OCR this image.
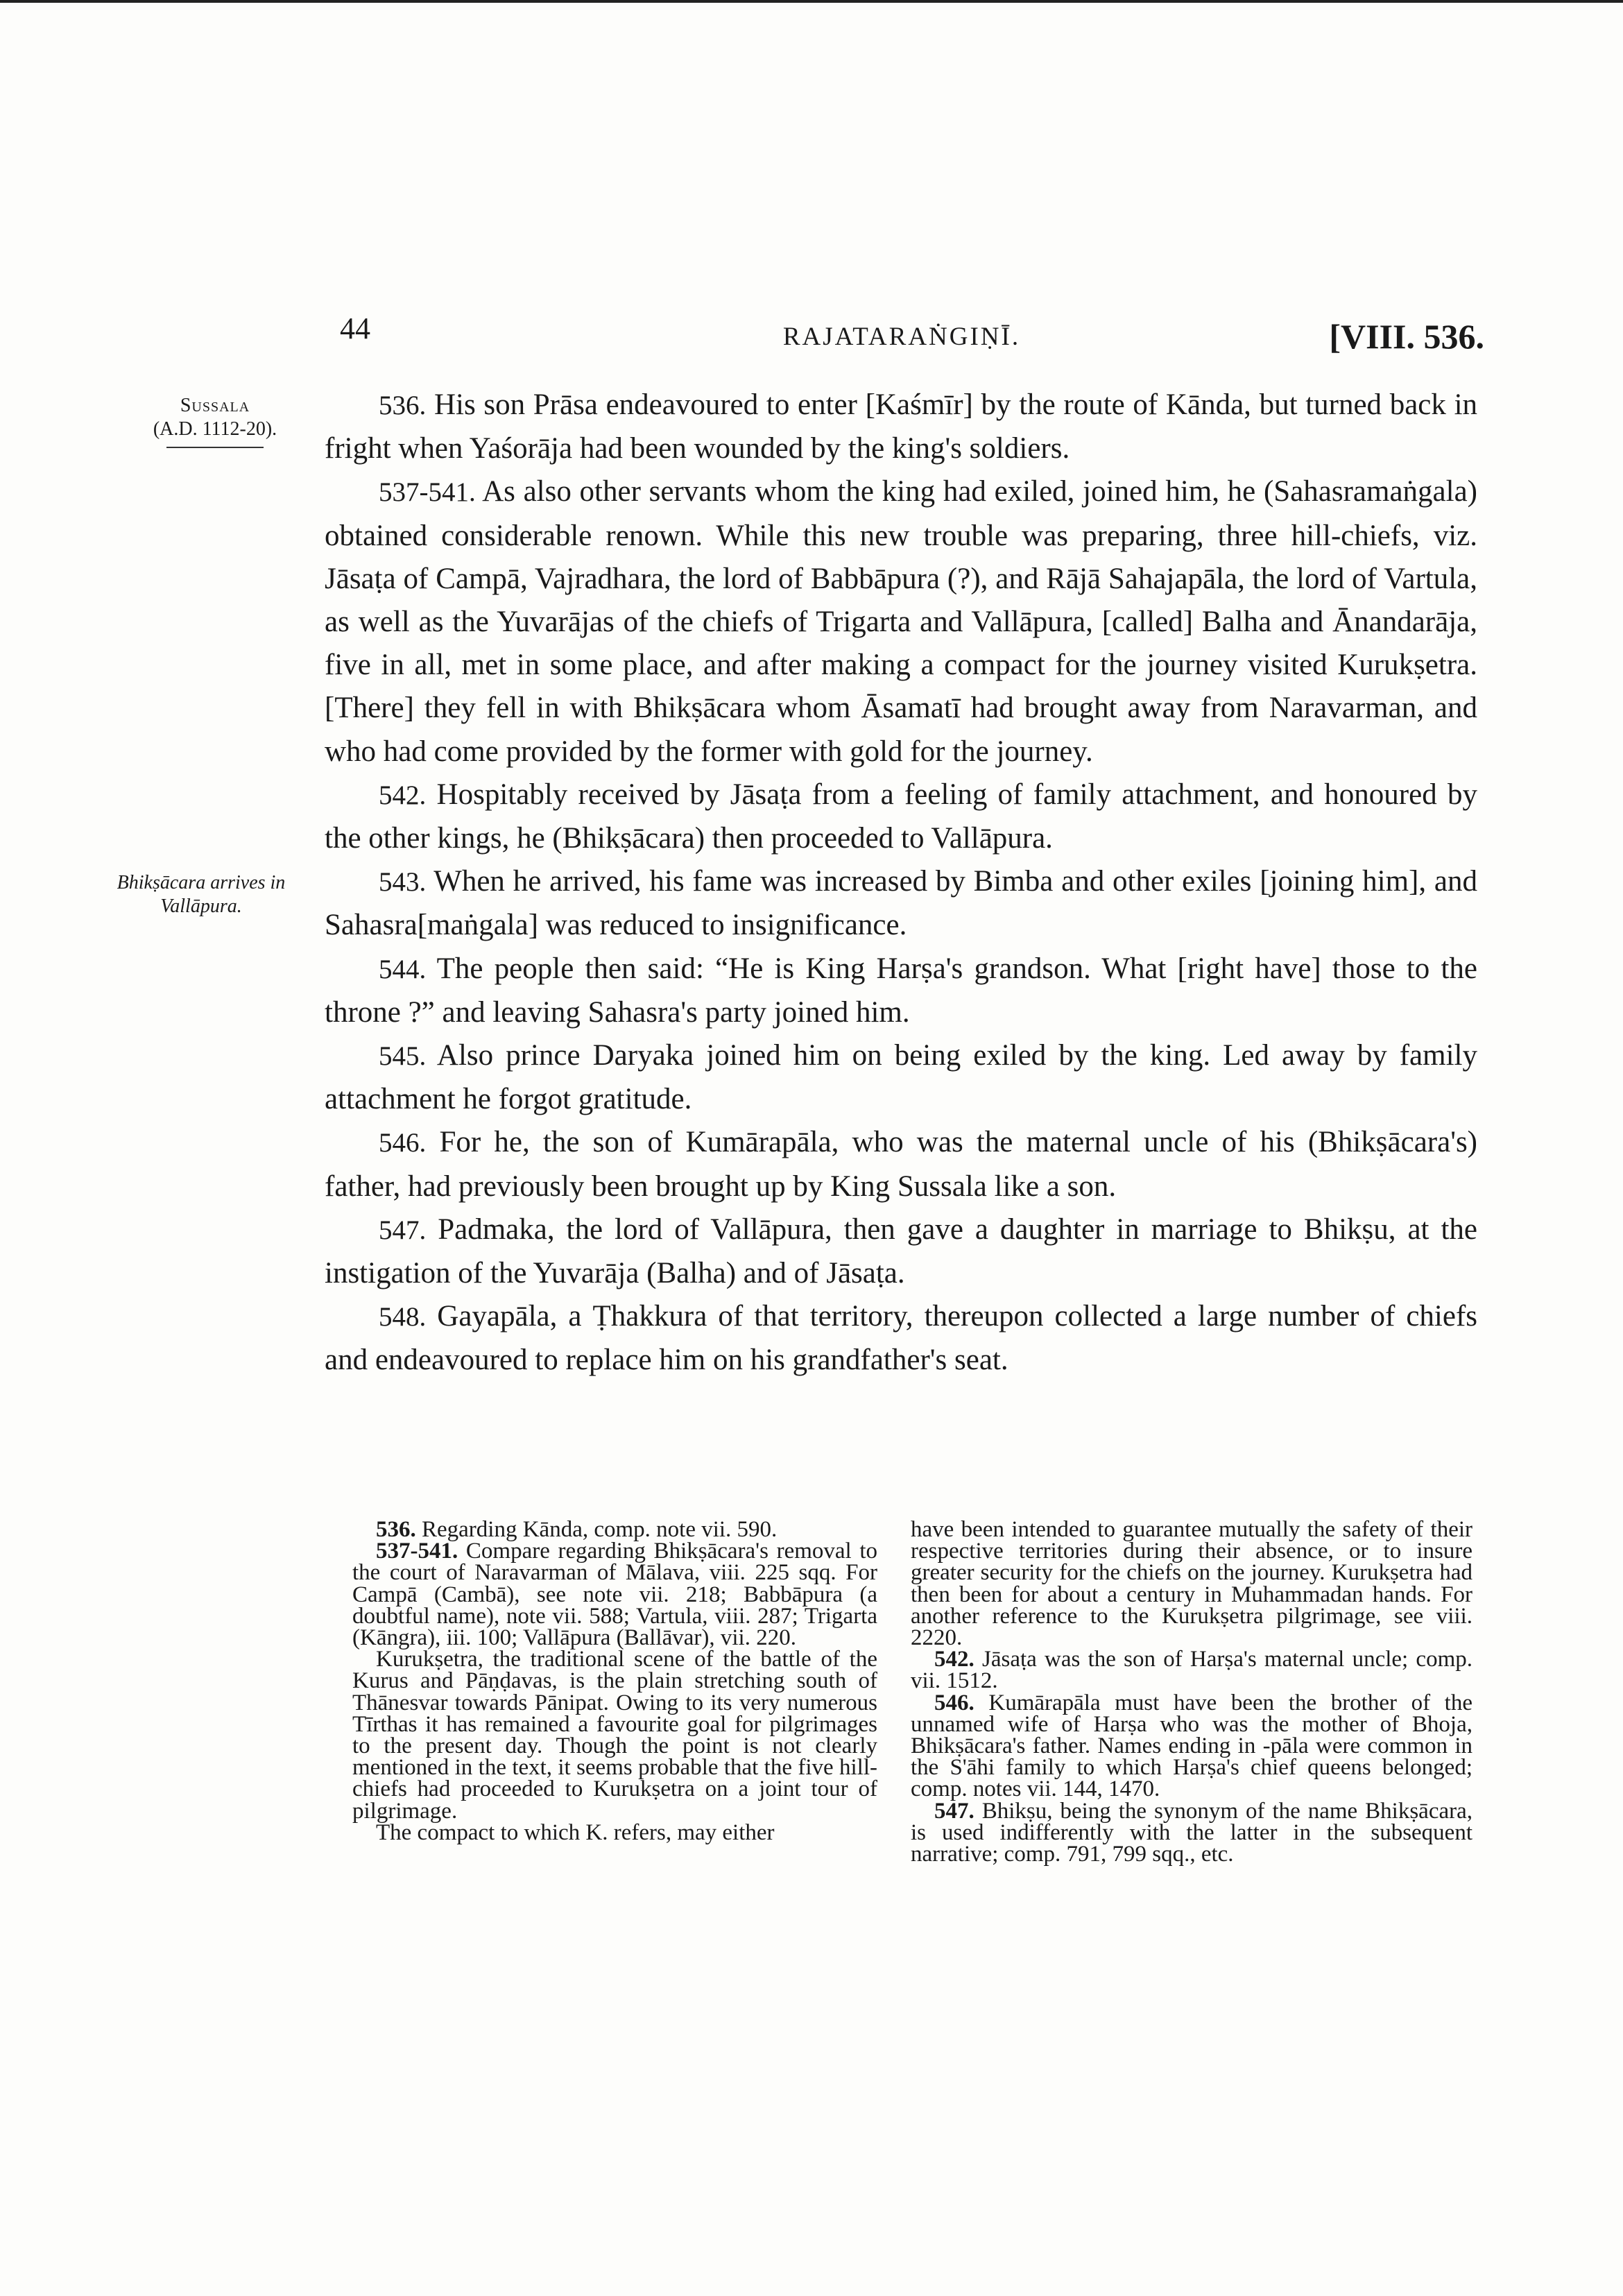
44	RAJATARAṄGIṆĪ.	[VIII. 536.
Sussala
(A.D. 1112-20).
Bhikṣācara arrives in Vallāpura.

536. His son Prāsa endeavoured to enter [Kaśmīr] by the route of Kānda, but turned back in fright when Yaśorāja had been wounded by the king's soldiers.

537-541. As also other servants whom the king had exiled, joined him, he (Sahasramaṅgala) obtained considerable renown. While this new trouble was preparing, three hill-chiefs, viz. Jāsaṭa of Campā, Vajradhara, the lord of Babbāpura (?), and Rājā Sahajapāla, the lord of Vartula, as well as the Yuvarājas of the chiefs of Trigarta and Vallāpura, [called] Balha and Ānandarāja, five in all, met in some place, and after making a compact for the journey visited Kurukṣetra. [There] they fell in with Bhikṣācara whom Āsamatī had brought away from Naravarman, and who had come provided by the former with gold for the journey.

542. Hospitably received by Jāsaṭa from a feeling of family attachment, and honoured by the other kings, he (Bhikṣācara) then proceeded to Vallāpura.

543. When he arrived, his fame was increased by Bimba and other exiles [joining him], and Sahasra[maṅgala] was reduced to insignificance.

544. The people then said: “He is King Harṣa's grandson. What [right have] those to the throne ?” and leaving Sahasra's party joined him.

545. Also prince Daryaka joined him on being exiled by the king. Led away by family attachment he forgot gratitude.

546. For he, the son of Kumārapāla, who was the maternal uncle of his (Bhikṣācara's) father, had previously been brought up by King Sussala like a son.

547. Padmaka, the lord of Vallāpura, then gave a daughter in marriage to Bhikṣu, at the instigation of the Yuvarāja (Balha) and of Jāsaṭa.

548. Gayapāla, a Ṭhakkura of that territory, thereupon collected a large number of chiefs and endeavoured to replace him on his grandfather's seat.

536. Regarding Kānda, comp. note vii. 590.

537-541. Compare regarding Bhikṣācara's removal to the court of Naravarman of Mālava, viii. 225 sqq. For Campā (Cambā), see note vii. 218; Babbāpura (a doubtful name), note vii. 588; Vartula, viii. 287; Trigarta (Kāngra), iii. 100; Vallāpura (Ballāvar), vii. 220.

Kurukṣetra, the traditional scene of the battle of the Kurus and Pāṇḍavas, is the plain stretching south of Thānesvar towards Pānipat. Owing to its very numerous Tīrthas it has remained a favourite goal for pilgrimages to the present day. Though the point is not clearly mentioned in the text, it seems probable that the five hill-chiefs had proceeded to Kurukṣetra on a joint tour of pilgrimage.

The compact to which K. refers, may either

have been intended to guarantee mutually the safety of their respective territories during their absence, or to insure greater security for the chiefs on the journey. Kurukṣetra had then been for about a century in Muhammadan hands. For another reference to the Kurukṣetra pilgrimage, see viii. 2220.

542. Jāsaṭa was the son of Harṣa's maternal uncle; comp. vii. 1512.

546. Kumārapāla must have been the brother of the unnamed wife of Harṣa who was the mother of Bhoja, Bhikṣācara's father. Names ending in -pāla were common in the S'āhi family to which Harṣa's chief queens belonged; comp. notes vii. 144, 1470.

547. Bhikṣu, being the synonym of the name Bhikṣācara, is used indifferently with the latter in the subsequent narrative; comp. 791, 799 sqq., etc.
